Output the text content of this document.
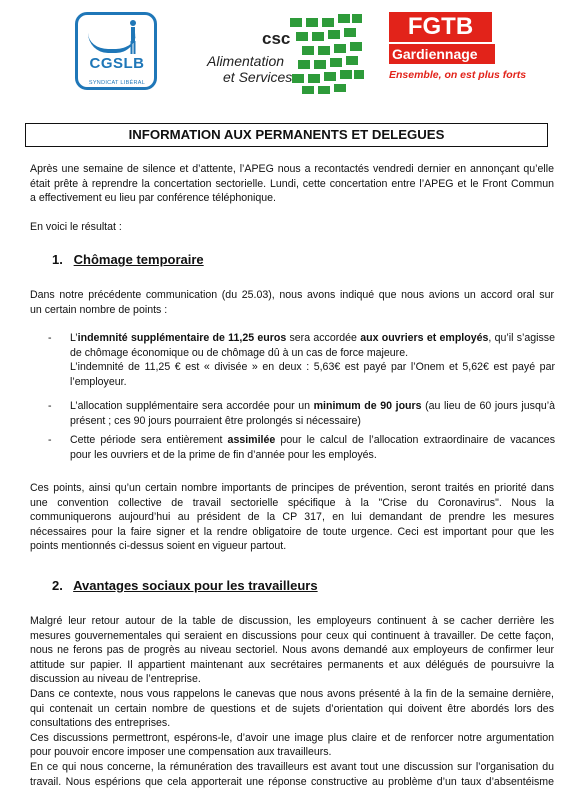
CGSLB
SYNDICAT LIBÉRAL
csc
Alimentation
et Services
FGTB
Gardiennage
Ensemble, on est plus forts
INFORMATION AUX PERMANENTS ET DELEGUES
Après une semaine de silence et d’attente, l’APEG nous a recontactés vendredi dernier en annonçant qu’elle
était prête à reprendre la concertation sectorielle. Lundi, cette concertation entre l’APEG et le Front Commun
a effectivement eu lieu par conférence téléphonique.
En voici le résultat :
1. Chômage temporaire
Dans notre précédente communication (du 25.03), nous avons indiqué que nous avions un accord oral sur
un certain nombre de points :
-	L’indemnité supplémentaire de 11,25 euros sera accordée aux ouvriers et employés, qu’il s’agisse
de chômage économique ou de chômage dû à un cas de force majeure.
L’indemnité de 11,25 € est « divisée » en deux : 5,63€ est payé par l’Onem et 5,62€ est payé par
l’employeur.
-	L’allocation supplémentaire sera accordée pour un minimum de 90 jours (au lieu de 60 jours jusqu’à
présent ; ces 90 jours pourraient être prolongés si nécessaire)
-	Cette période sera entièrement assimilée pour le calcul de l’allocation extraordinaire de vacances
pour les ouvriers et de la prime de fin d’année pour les employés.
Ces points, ainsi qu’un certain nombre importants de principes de prévention, seront traités en priorité dans
une convention collective de travail sectorielle spécifique à la "Crise du Coronavirus". Nous la
communiquerons aujourd’hui au président de la CP 317, en lui demandant de prendre les mesures
nécessaires pour la faire signer et la rendre obligatoire de toute urgence. Ceci est important pour que les
points mentionnés ci-dessus soient en vigueur partout.
2. Avantages sociaux pour les travailleurs
Malgré leur retour autour de la table de discussion, les employeurs continuent à se cacher derrière les
mesures gouvernementales qui seraient en discussions pour ceux qui continuent à travailler. De cette façon,
nous ne ferons pas de progrès au niveau sectoriel. Nous avons demandé aux employeurs de confirmer leur
attitude sur papier. Il appartient maintenant aux secrétaires permanents et aux délégués de poursuivre la
discussion au niveau de l’entreprise.
Dans ce contexte, nous vous rappelons le canevas que nous avons présenté à la fin de la semaine dernière,
qui contenait un certain nombre de questions et de sujets d’orientation qui doivent être abordés lors des
consultations des entreprises.
Ces discussions permettront, espérons-le, d’avoir une image plus claire et de renforcer notre argumentation
pour pouvoir encore imposer une compensation aux travailleurs.
En ce qui nous concerne, la rémunération des travailleurs est avant tout une discussion sur l’organisation du
travail. Nous espérions que cela apporterait une réponse constructive au problème d’un taux d’absentéisme
